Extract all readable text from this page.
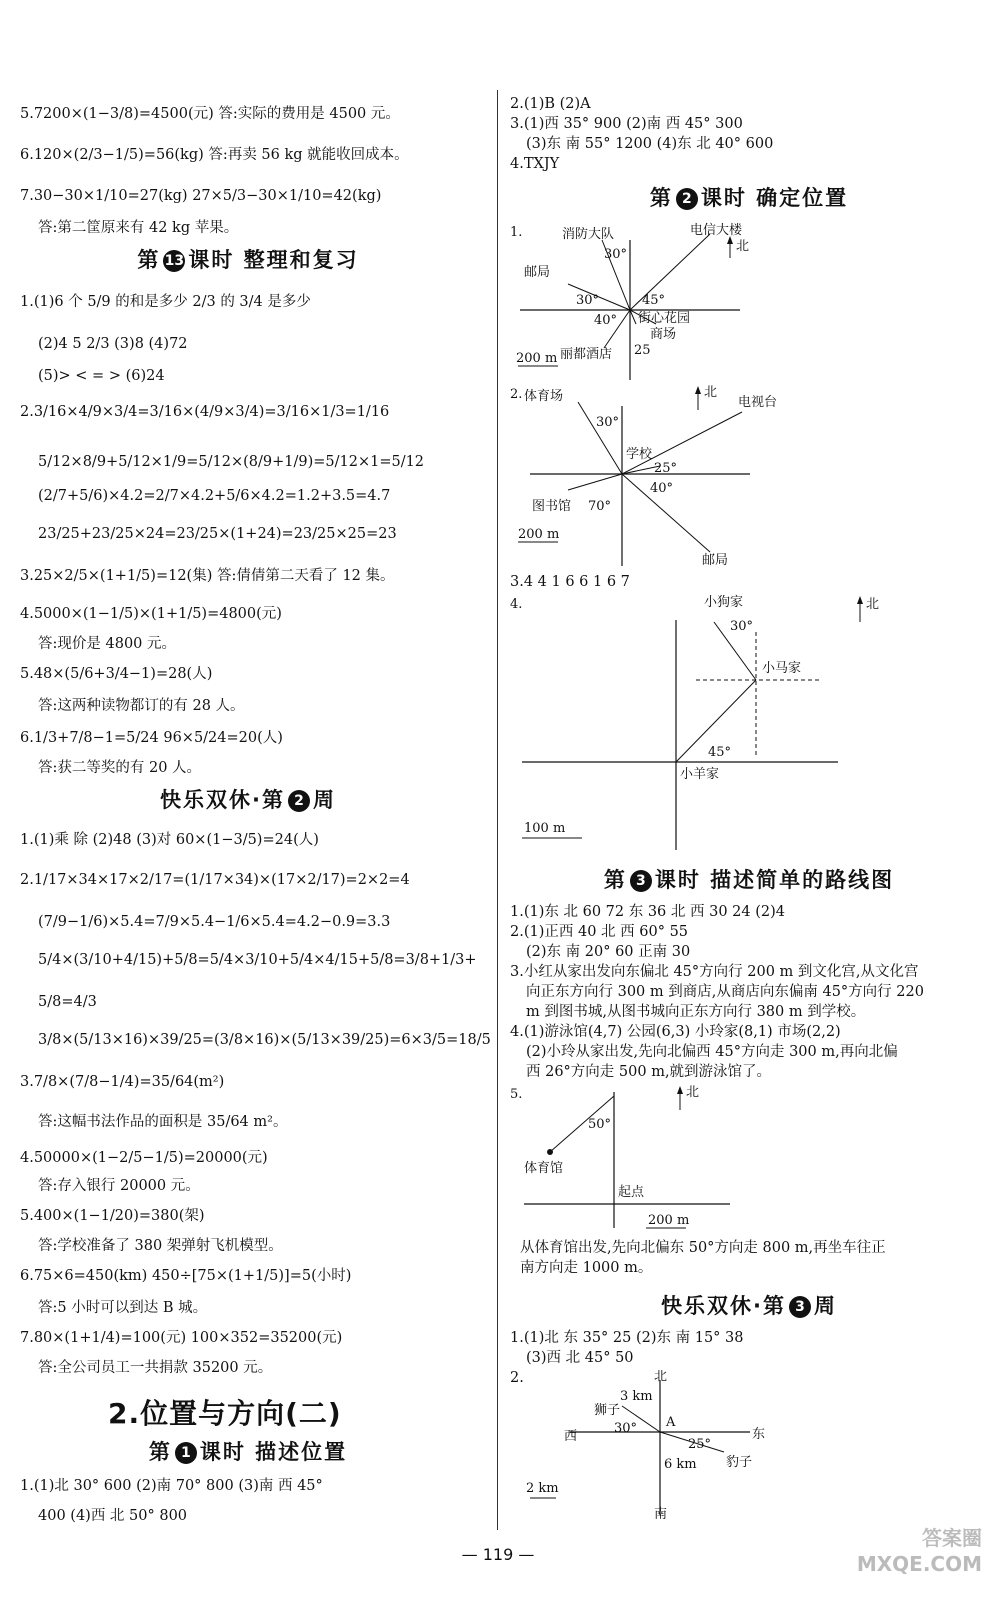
5.7200×(1−3/8)=4500(元) 答:实际的费用是 4500 元。
6.120×(2/3−1/5)=56(kg) 答:再卖 56 kg 就能收回成本。
7.30−30×1/10=27(kg) 27×5/3−30×1/10=42(kg)
答:第二筐原来有 42 kg 苹果。
第 13 课时 整理和复习
1.(1)6 个 5/9 的和是多少 2/3 的 3/4 是多少
(2)4 5 2/3 (3)8 (4)72
(5)> < = > (6)24
2.3/16×4/9×3/4=3/16×(4/9×3/4)=3/16×1/3=1/16
5/12×8/9+5/12×1/9=5/12×(8/9+1/9)=5/12×1=5/12
(2/7+5/6)×4.2=2/7×4.2+5/6×4.2=1.2+3.5=4.7
23/25+23/25×24=23/25×(1+24)=23/25×25=23
3.25×2/5×(1+1/5)=12(集) 答:倩倩第二天看了 12 集。
4.5000×(1−1/5)×(1+1/5)=4800(元)
答:现价是 4800 元。
5.48×(5/6+3/4−1)=28(人)
答:这两种读物都订的有 28 人。
6.1/3+7/8−1=5/24 96×5/24=20(人)
答:获二等奖的有 20 人。
快乐双休·第 2 周
1.(1)乘 除 (2)48 (3)对 60×(1−3/5)=24(人)
2.1/17×34×17×2/17=(1/17×34)×(17×2/17)=2×2=4
(7/9−1/6)×5.4=7/9×5.4−1/6×5.4=4.2−0.9=3.3
5/4×(3/10+4/15)+5/8=5/4×3/10+5/4×4/15+5/8=3/8+1/3+
5/8=4/3
3/8×(5/13×16)×39/25=(3/8×16)×(5/13×39/25)=6×3/5=18/5
3.7/8×(7/8−1/4)=35/64(m²)
答:这幅书法作品的面积是 35/64 m²。
4.50000×(1−2/5−1/5)=20000(元)
答:存入银行 20000 元。
5.400×(1−1/20)=380(架)
答:学校准备了 380 架弹射飞机模型。
6.75×6=450(km) 450÷[75×(1+1/5)]=5(小时)
答:5 小时可以到达 B 城。
7.80×(1+1/4)=100(元) 100×352=35200(元)
答:全公司员工一共捐款 35200 元。
2.位置与方向(二)
第 1 课时 描述位置
1.(1)北 30° 600 (2)南 70° 800 (3)南 西 45°
400 (4)西 北 50° 800
2.(1)B (2)A
3.(1)西 35° 900 (2)南 西 45° 300
(3)东 南 55° 1200 (4)东 北 40° 600
4.TXJY
第 2 课时 确定位置
1.	消防大队	电信大楼
北
邮局
街心花园
商场
丽都酒店
200 m
30°
30°	45°
40°
25
2. 体育场	北
电视台
学校
图书馆
200 m
邮局
30°
25°
40°
70°
3.4 4 1 6 6 1 6 7
4.	小狗家	北
小马家
小羊家
100 m
30°
45°
第 3 课时 描述简单的路线图
1.(1)东 北 60 72 东 36 北 西 30 24 (2)4
2.(1)正西 40 北 西 60° 55
(2)东 南 20° 60 正南 30
3.小红从家出发向东偏北 45°方向行 200 m 到文化宫,从文化宫
向正东方向行 300 m 到商店,从商店向东偏南 45°方向行 220
m 到图书城,从图书城向正东方向行 380 m 到学校。
4.(1)游泳馆(4,7) 公园(6,3) 小玲家(8,1) 市场(2,2)
(2)小玲从家出发,先向北偏西 45°方向走 300 m,再向北偏
西 26°方向走 500 m,就到游泳馆了。
5.	北
体育馆
起点
200 m
50°
从体育馆出发,先向北偏东 50°方向走 800 m,再坐车往正
南方向走 1000 m。
快乐双休·第 3 周
1.(1)北 东 35° 25 (2)东 南 15° 38
(3)西 北 45° 50
2.	北
狮子
西	东
豹子
南
2 km
A
30°
25°
3 km
6 km
— 119 —
答案圈
MXQE.COM
